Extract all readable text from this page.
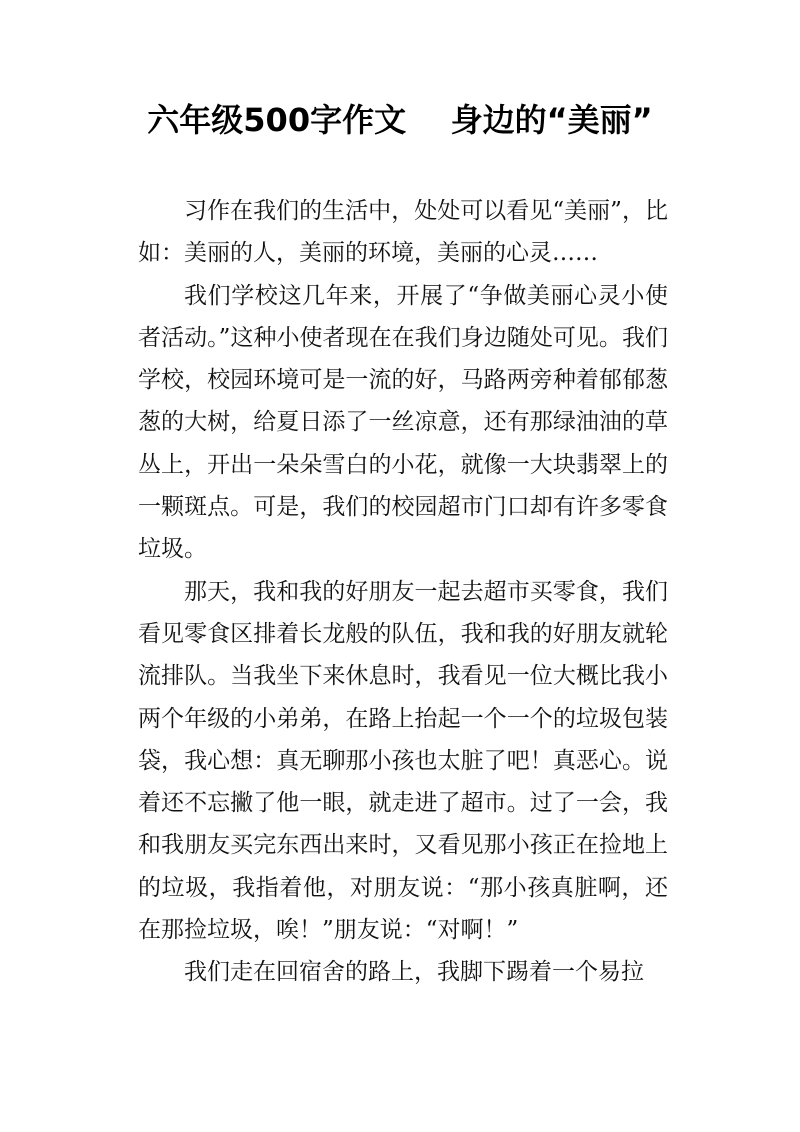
六年级500字作文    身边的“美丽”

习作在我们的生活中，处处可以看见“美丽”，比如：美丽的人，美丽的环境，美丽的心灵……

我们学校这几年来，开展了“争做美丽心灵小使者活动。”这种小使者现在在我们身边随处可见。我们学校，校园环境可是一流的好，马路两旁种着郁郁葱葱的大树，给夏日添了一丝凉意，还有那绿油油的草丛上，开出一朵朵雪白的小花，就像一大块翡翠上的一颗斑点。可是，我们的校园超市门口却有许多零食垃圾。

那天，我和我的好朋友一起去超市买零食，我们看见零食区排着长龙般的队伍，我和我的好朋友就轮流排队。当我坐下来休息时，我看见一位大概比我小两个年级的小弟弟，在路上抬起一个一个的垃圾包装袋，我心想：真无聊那小孩也太脏了吧！真恶心。说着还不忘撇了他一眼，就走进了超市。过了一会，我和我朋友买完东西出来时，又看见那小孩正在捡地上的垃圾，我指着他，对朋友说：“那小孩真脏啊，还在那捡垃圾，唉！”朋友说：“对啊！”

我们走在回宿舍的路上，我脚下踢着一个易拉
